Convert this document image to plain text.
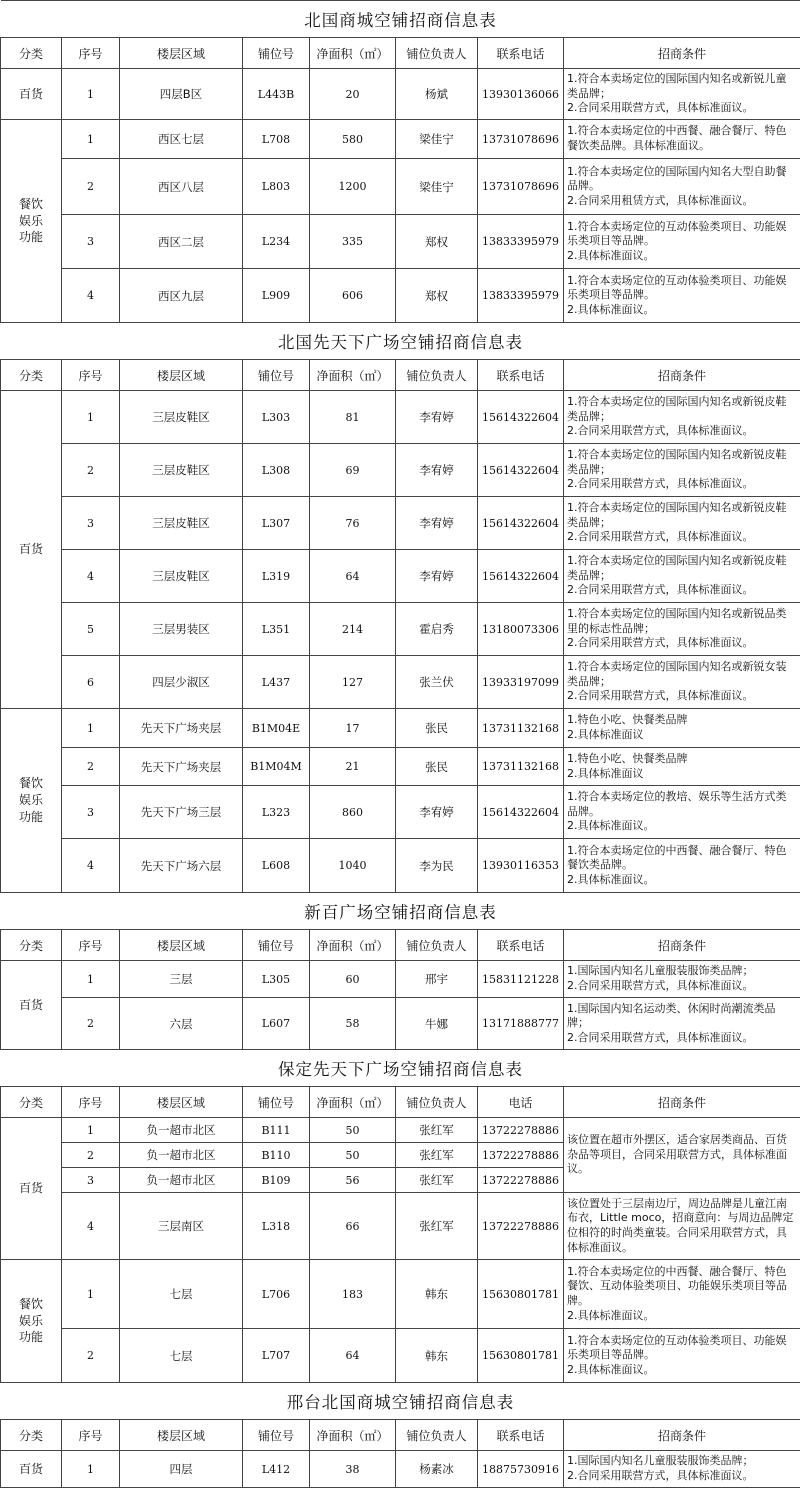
北国商城空铺招商信息表							
分类	序号	楼层区域	铺位号	净面积（㎡）	铺位负责人	联系电话	招商条件
百货	1	四层B区	L443B	20	杨斌	13930136066	1.符合本卖场定位的国际国内知名或新锐儿童类品牌；
2.合同采用联营方式，具体标准面议。
餐饮
娱乐
功能	1	西区七层	L708	580	梁佳宁	13731078696	1.符合本卖场定位的中西餐、融合餐厅、特色餐饮类品牌。具体标准面议。
	2	西区八层	L803	1200	梁佳宁	13731078696	1.符合本卖场定位的国际国内知名大型自助餐品牌。
2.合同采用租赁方式，具体标准面议。
	3	西区二层	L234	335	郑权	13833395979	1.符合本卖场定位的互动体验类项目、功能娱乐类项目等品牌。
2.具体标准面议。
	4	西区九层	L909	606	郑权	13833395979	1.符合本卖场定位的互动体验类项目、功能娱乐类项目等品牌。
2.具体标准面议。
北国先天下广场空铺招商信息表							
分类	序号	楼层区域	铺位号	净面积（㎡）	铺位负责人	联系电话	招商条件
百货	1	三层皮鞋区	L303	81	李宥婷	15614322604	1.符合本卖场定位的国际国内知名或新锐皮鞋类品牌；
2.合同采用联营方式，具体标准面议。
	2	三层皮鞋区	L308	69	李宥婷	15614322604	1.符合本卖场定位的国际国内知名或新锐皮鞋类品牌；
2.合同采用联营方式，具体标准面议。
	3	三层皮鞋区	L307	76	李宥婷	15614322604	1.符合本卖场定位的国际国内知名或新锐皮鞋类品牌；
2.合同采用联营方式，具体标准面议。
	4	三层皮鞋区	L319	64	李宥婷	15614322604	1.符合本卖场定位的国际国内知名或新锐皮鞋类品牌；
2.合同采用联营方式，具体标准面议。
	5	三层男装区	L351	214	霍启秀	13180073306	1.符合本卖场定位的国际国内知名或新锐品类里的标志性品牌；
2.合同采用联营方式，具体标准面议。
	6	四层少淑区	L437	127	张兰伏	13933197099	1.符合本卖场定位的国际国内知名或新锐女装类品牌；
2.合同采用联营方式，具体标准面议。
餐饮
娱乐
功能	1	先天下广场夹层	B1M04E	17	张民	13731132168	1.特色小吃、快餐类品牌
2.具体标准面议
	2	先天下广场夹层	B1M04M	21	张民	13731132168	1.特色小吃、快餐类品牌
2.具体标准面议
	3	先天下广场三层	L323	860	李宥婷	15614322604	1.符合本卖场定位的教培、娱乐等生活方式类品牌。
2.具体标准面议。
	4	先天下广场六层	L608	1040	李为民	13930116353	1.符合本卖场定位的中西餐、融合餐厅、特色餐饮类品牌。
2.具体标准面议。
新百广场空铺招商信息表							
分类	序号	楼层区域	铺位号	净面积（㎡）	铺位负责人	联系电话	招商条件
百货	1	三层	L305	60	邢宇	15831121228	1.国际国内知名儿童服装服饰类品牌；
2.合同采用联营方式，具体标准面议。
	2	六层	L607	58	牛娜	13171888777	1.国际国内知名运动类、休闲时尚潮流类品牌；
2.合同采用联营方式，具体标准面议。
保定先天下广场空铺招商信息表							
分类	序号	楼层区域	铺位号	净面积（㎡）	铺位负责人	电话	招商条件
百货	1	负一超市北区	B111	50	张红军	13722278886	该位置在超市外摆区，适合家居类商品、百货杂品等项目，合同采用联营方式，具体标准面议。
	2	负一超市北区	B110	50	张红军	13722278886	
	3	负一超市北区	B109	56	张红军	13722278886	
	4	三层南区	L318	66	张红军	13722278886	该位置处于三层南边厅，周边品牌是儿童江南布衣，Little moco，招商意向：与周边品牌定位相符的时尚类童装。合同采用联营方式，具体标准面议。
餐饮
娱乐
功能	1	七层	L706	183	韩东	15630801781	1.符合本卖场定位的中西餐、融合餐厅、特色餐饮、互动体验类项目、功能娱乐类项目等品牌。
2.具体标准面议。
	2	七层	L707	64	韩东	15630801781	1.符合本卖场定位的互动体验类项目、功能娱乐类项目等品牌。
2.具体标准面议。
邢台北国商城空铺招商信息表							
分类	序号	楼层区域	铺位号	净面积（㎡）	铺位负责人	联系电话	招商条件
百货	1	四层	L412	38	杨素冰	18875730916	1.国际国内知名儿童服装服饰类品牌；
2.合同采用联营方式，具体标准面议。
